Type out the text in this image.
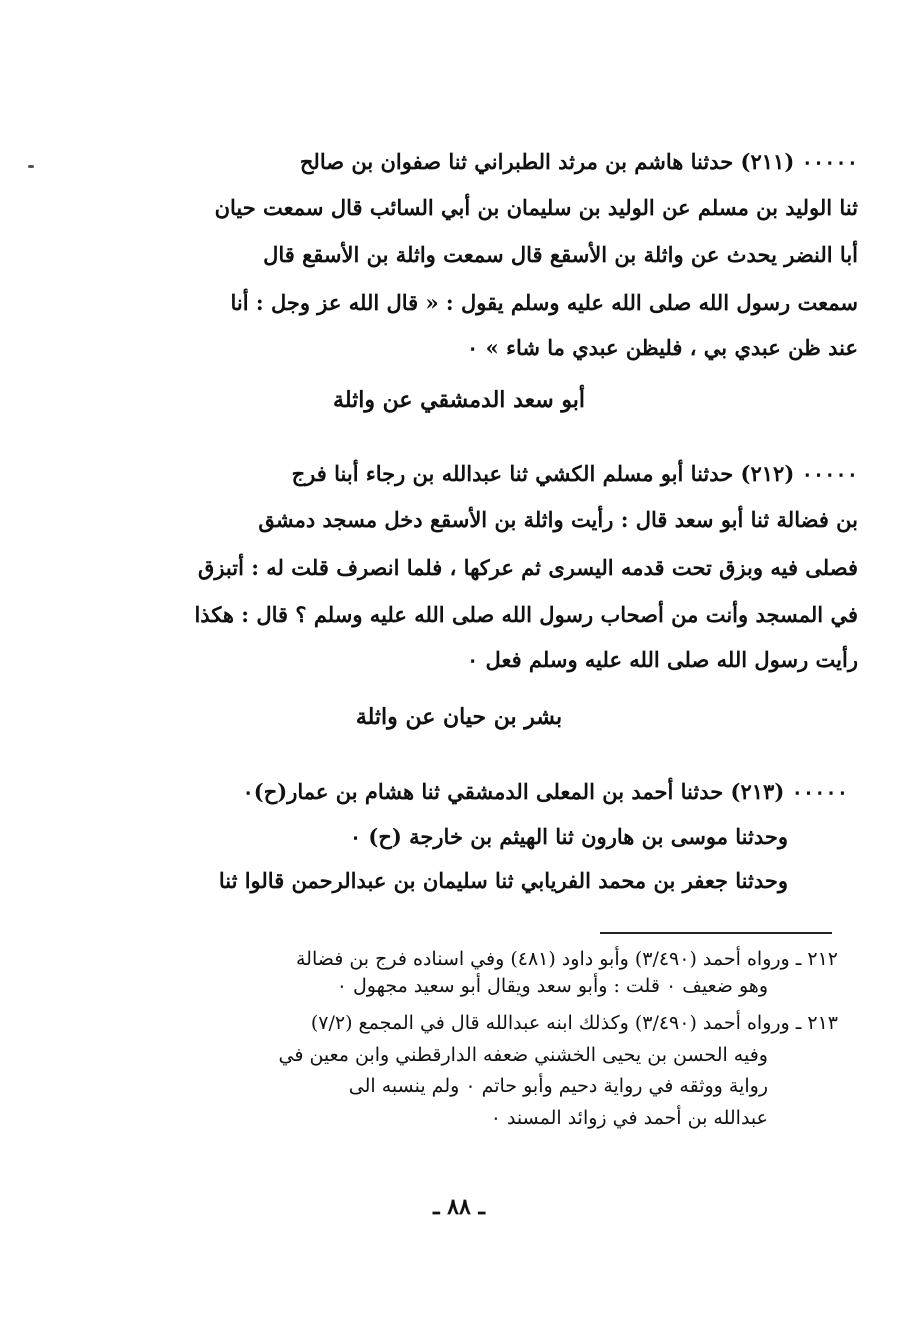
٠٠٠٠٠ (٢١١) حدثنا هاشم بن مرثد الطبراني ثنا صفوان بن صالح
ثنا الوليد بن مسلم عن الوليد بن سليمان بن أبي السائب قال سمعت حيان
أبا النضر يحدث عن واثلة بن الأسقع قال سمعت واثلة بن الأسقع قال
سمعت رسول الله صلى الله عليه وسلم يقول : « قال الله عز وجل : أنا
عند ظن عبدي بي ، فليظن عبدي ما شاء » ٠
أبو سعد الدمشقي عن واثلة
٠٠٠٠٠ (٢١٢) حدثنا أبو مسلم الكشي ثنا عبدالله بن رجاء أبنا فرج
بن فضالة ثنا أبو سعد قال : رأيت واثلة بن الأسقع دخل مسجد دمشق
فصلى فيه وبزق تحت قدمه اليسرى ثم عركها ، فلما انصرف قلت له : أتبزق
في المسجد وأنت من أصحاب رسول الله صلى الله عليه وسلم ؟ قال : هكذا
رأيت رسول الله صلى الله عليه وسلم فعل ٠
بشر بن حيان عن واثلة
٠٠٠٠٠ (٢١٣) حدثنا أحمد بن المعلى الدمشقي ثنا هشام بن عمار(ح)٠
وحدثنا موسى بن هارون ثنا الهيثم بن خارجة (ح) ٠
وحدثنا جعفر بن محمد الفريابي ثنا سليمان بن عبدالرحمن قالوا ثنا
٢١٢ ـ ورواه أحمد (٣/٤٩٠) وأبو داود (٤٨١) وفي اسناده فرج بن فضالة
وهو ضعيف ٠ قلت : وأبو سعد ويقال أبو سعيد مجهول ٠
٢١٣ ـ ورواه أحمد (٣/٤٩٠) وكذلك ابنه عبدالله قال في المجمع (٧/٢)
وفيه الحسن بن يحيى الخشني ضعفه الدارقطني وابن معين في
رواية ووثقه في رواية دحيم وأبو حاتم ٠ ولم ينسبه الى
عبدالله بن أحمد في زوائد المسند ٠
ـ ٨٨ ـ
